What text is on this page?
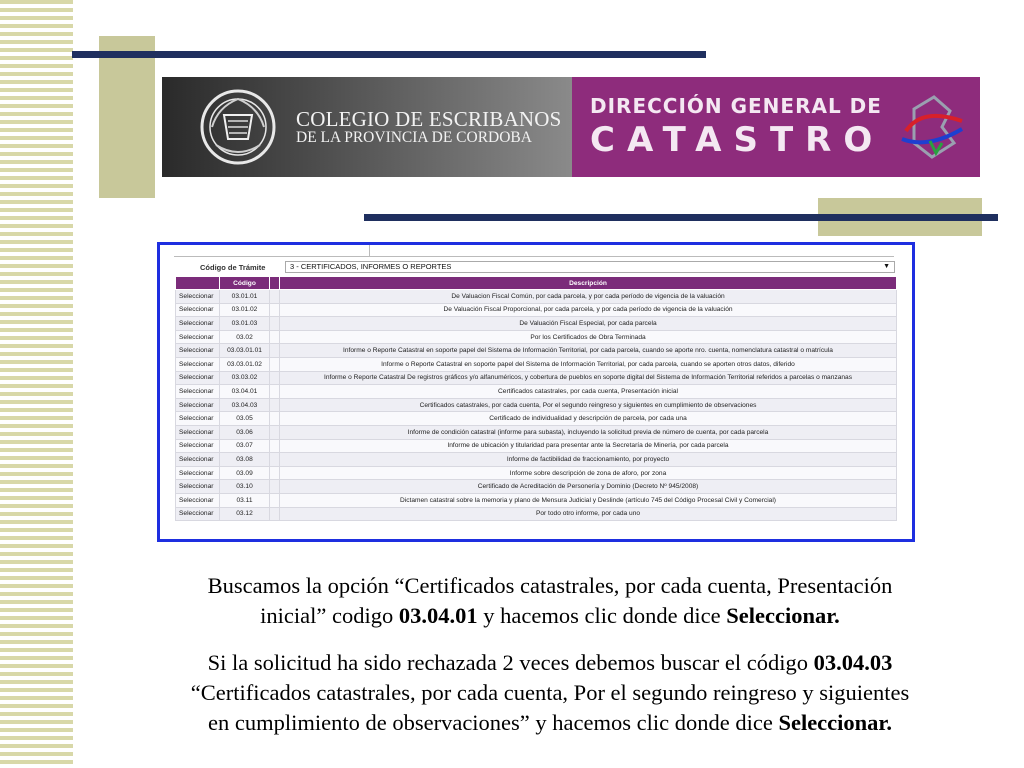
COLEGIO DE ESCRIBANOS
DE LA PROVINCIA DE CORDOBA
DIRECCIÓN GENERAL DE
CATASTRO
Código de Trámite	3 - CERTIFICADOS, INFORMES O REPORTES	▼
	Código		Descripción
Seleccionar	03.01.01		De Valuacion Fiscal Común, por cada parcela, y por cada período de vigencia de la valuación
Seleccionar	03.01.02		De Valuación Fiscal Proporcional, por cada parcela, y por cada período de vigencia de la valuación
Seleccionar	03.01.03		De Valuación Fiscal Especial, por cada parcela
Seleccionar	03.02		Por los Certificados de Obra Terminada
Seleccionar	03.03.01.01		Informe o Reporte Catastral en soporte papel del Sistema de Información Territorial, por cada parcela, cuando se aporte nro. cuenta, nomenclatura catastral o matrícula
Seleccionar	03.03.01.02		Informe o Reporte Catastral en soporte papel del Sistema de Información Territorial, por cada parcela, cuando se aporten otros datos, diferido
Seleccionar	03.03.02		Informe o Reporte Catastral De registros gráficos y/o alfanuméricos, y cobertura de pueblos en soporte digital del Sistema de Información Territorial referidos a parcelas o manzanas
Seleccionar	03.04.01		Certificados catastrales, por cada cuenta, Presentación inicial
Seleccionar	03.04.03		Certificados catastrales, por cada cuenta, Por el segundo reingreso y siguientes en cumplimiento de observaciones
Seleccionar	03.05		Certificado de individualidad y descripción de parcela, por cada una
Seleccionar	03.06		Informe de condición catastral (informe para subasta), incluyendo la solicitud previa de número de cuenta, por cada parcela
Seleccionar	03.07		Informe de ubicación y titularidad para presentar ante la Secretaría de Minería, por cada parcela
Seleccionar	03.08		Informe de factibilidad de fraccionamiento, por proyecto
Seleccionar	03.09		Informe sobre descripción de zona de aforo, por zona
Seleccionar	03.10		Certificado de Acreditación de Personería y Dominio (Decreto Nº 945/2008)
Seleccionar	03.11		Dictamen catastral sobre la memoria y plano de Mensura Judicial y Deslinde (artículo 745 del Código Procesal Civil y Comercial)
Seleccionar	03.12		Por todo otro informe, por cada uno
Buscamos la opción “Certificados catastrales, por cada cuenta, Presentación
inicial” codigo 03.04.01 y hacemos clic donde dice Seleccionar.
Si la solicitud ha sido rechazada 2 veces debemos buscar el código 03.04.03
“Certificados catastrales, por cada cuenta, Por el segundo reingreso y siguientes
en cumplimiento de observaciones” y hacemos clic donde dice Seleccionar.
